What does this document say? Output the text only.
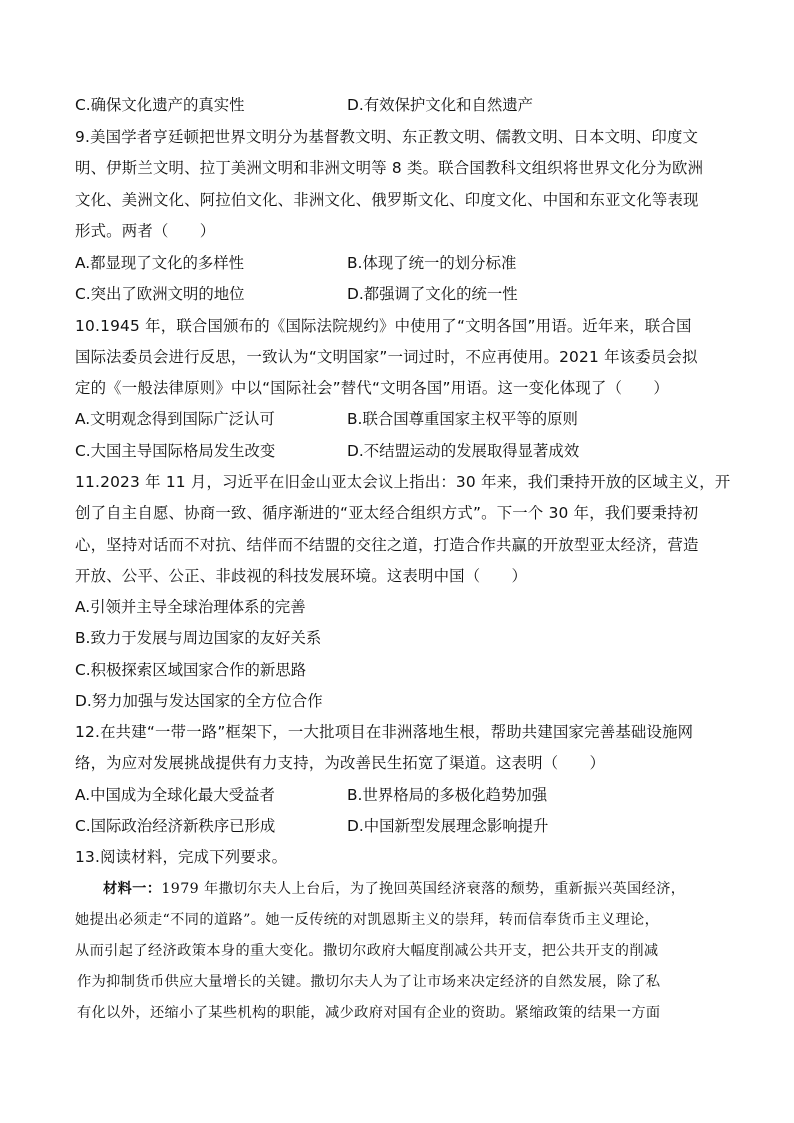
C.确保文化遗产的真实性	D.有效保护文化和自然遗产
9.美国学者亨廷顿把世界文明分为基督教文明、东正教文明、儒教文明、日本文明、印度文
明、伊斯兰文明、拉丁美洲文明和非洲文明等 8 类。联合国教科文组织将世界文化分为欧洲
文化、美洲文化、阿拉伯文化、非洲文化、俄罗斯文化、印度文化、中国和东亚文化等表现
形式。两者（　　）
A.都显现了文化的多样性	B.体现了统一的划分标准
C.突出了欧洲文明的地位	D.都强调了文化的统一性
10.1945 年，联合国颁布的《国际法院规约》中使用了“文明各国”用语。近年来，联合国
国际法委员会进行反思，一致认为“文明国家”一词过时，不应再使用。2021 年该委员会拟
定的《一般法律原则》中以“国际社会”替代“文明各国”用语。这一变化体现了（　　）
A.文明观念得到国际广泛认可	B.联合国尊重国家主权平等的原则
C.大国主导国际格局发生改变	D.不结盟运动的发展取得显著成效
11.2023 年 11 月，习近平在旧金山亚太会议上指出：30 年来，我们秉持开放的区域主义，开
创了自主自愿、协商一致、循序渐进的“亚太经合组织方式”。下一个 30 年，我们要秉持初
心，坚持对话而不对抗、结伴而不结盟的交往之道，打造合作共赢的开放型亚太经济，营造
开放、公平、公正、非歧视的科技发展环境。这表明中国（　　）
A.引领并主导全球治理体系的完善
B.致力于发展与周边国家的友好关系
C.积极探索区域国家合作的新思路
D.努力加强与发达国家的全方位合作
12.在共建“一带一路”框架下，一大批项目在非洲落地生根，帮助共建国家完善基础设施网
络，为应对发展挑战提供有力支持，为改善民生拓宽了渠道。这表明（　　）
A.中国成为全球化最大受益者	B.世界格局的多极化趋势加强
C.国际政治经济新秩序已形成	D.中国新型发展理念影响提升
13.阅读材料，完成下列要求。
材料一：1979 年撒切尔夫人上台后，为了挽回英国经济衰落的颓势，重新振兴英国经济，
她提出必须走“不同的道路”。她一反传统的对凯恩斯主义的崇拜，转而信奉货币主义理论，
从而引起了经济政策本身的重大变化。撒切尔政府大幅度削减公共开支，把公共开支的削减
作为抑制货币供应大量增长的关键。撒切尔夫人为了让市场来决定经济的自然发展，除了私
有化以外，还缩小了某些机构的职能，减少政府对国有企业的资助。紧缩政策的结果一方面
